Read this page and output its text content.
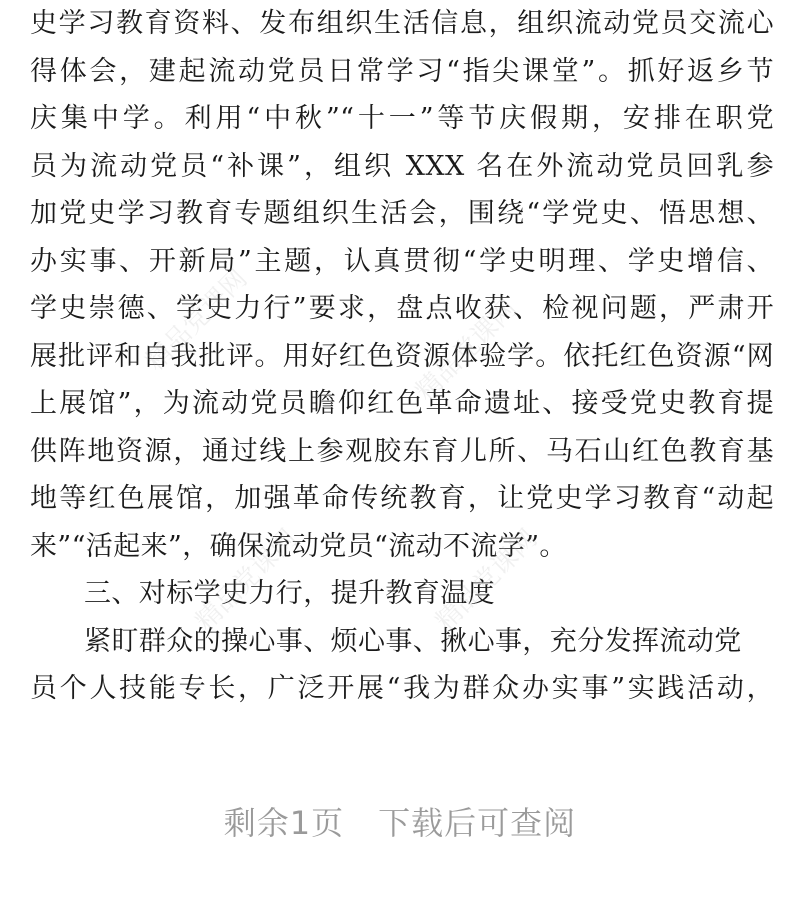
史学习教育资料、发布组织生活信息，组织流动党员交流心
得体会，建起流动党员日常学习“指尖课堂”。抓好返乡节
庆集中学。利用“中秋”“十一”等节庆假期，安排在职党
员为流动党员“补课”，组织 XXX 名在外流动党员回乳参
加党史学习教育专题组织生活会，围绕“学党史、悟思想、
办实事、开新局”主题，认真贯彻“学史明理、学史增信、
学史崇德、学史力行”要求，盘点收获、检视问题，严肃开
展批评和自我批评。用好红色资源体验学。依托红色资源“网
上展馆”，为流动党员瞻仰红色革命遗址、接受党史教育提
供阵地资源，通过线上参观胶东育儿所、马石山红色教育基
地等红色展馆，加强革命传统教育，让党史学习教育“动起
来”“活起来”，确保流动党员“流动不流学”。
三、对标学史力行，提升教育温度
紧盯群众的操心事、烦心事、揪心事，充分发挥流动党
员个人技能专长，广泛开展“我为群众办实事”实践活动，
精品党课网	精品党课网
精品党课网	精品党课网
剩余1页 下载后可查阅
